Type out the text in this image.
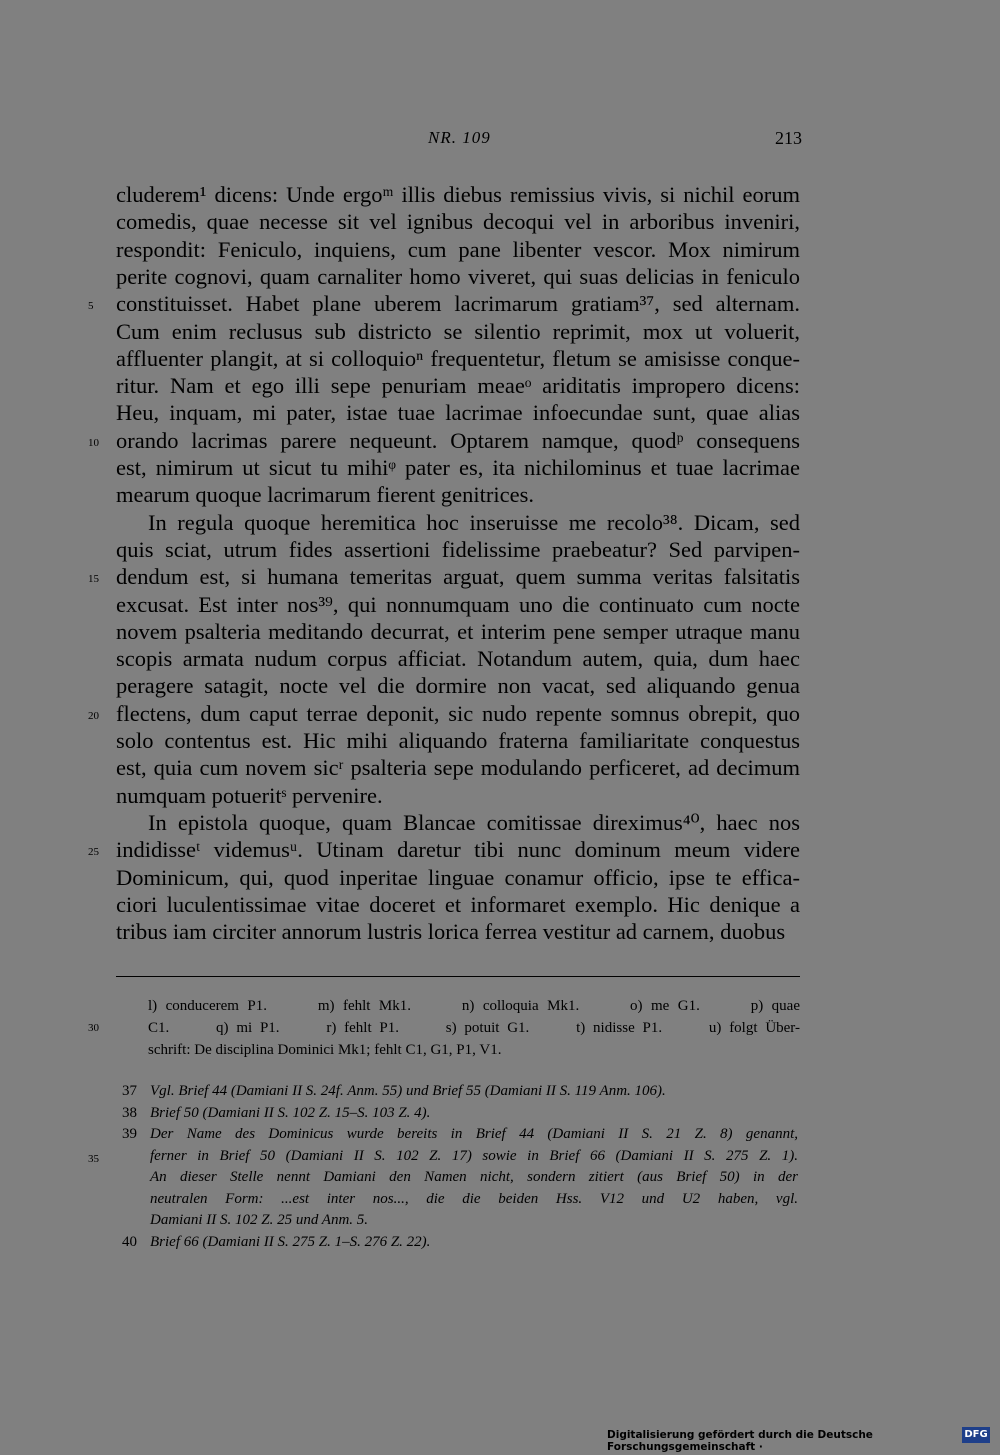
NR. 109	213
cluderem¹ dicens: Unde ergoᵐ illis diebus remissius vivis, si nichil eorum
comedis, quae necesse sit vel ignibus decoqui vel in arboribus inveniri,
respondit: Feniculo, inquiens, cum pane libenter vescor. Mox nimirum
perite cognovi, quam carnaliter homo viveret, qui suas delicias in feniculo
constituisset. Habet plane uberem lacrimarum gratiam³⁷, sed alternam.
Cum enim reclusus sub districto se silentio reprimit, mox ut voluerit,
affluenter plangit, at si colloquioⁿ frequentetur, fletum se amisisse conque-
ritur. Nam et ego illi sepe penuriam meaeᵒ ariditatis impropero dicens:
Heu, inquam, mi pater, istae tuae lacrimae infoecundae sunt, quae alias
orando lacrimas parere nequeunt. Optarem namque, quodᵖ consequens
est, nimirum ut sicut tu mihiᵠ pater es, ita nichilominus et tuae lacrimae
mearum quoque lacrimarum fierent genitrices.
In regula quoque heremitica hoc inseruisse me recolo³⁸. Dicam, sed
quis sciat, utrum fides assertioni fidelissime praebeatur? Sed parvipen-
dendum est, si humana temeritas arguat, quem summa veritas falsitatis
excusat. Est inter nos³⁹, qui nonnumquam uno die continuato cum nocte
novem psalteria meditando decurrat, et interim pene semper utraque manu
scopis armata nudum corpus afficiat. Notandum autem, quia, dum haec
peragere satagit, nocte vel die dormire non vacat, sed aliquando genua
flectens, dum caput terrae deponit, sic nudo repente somnus obrepit, quo
solo contentus est. Hic mihi aliquando fraterna familiaritate conquestus
est, quia cum novem sicʳ psalteria sepe modulando perficeret, ad decimum
numquam potueritˢ pervenire.
In epistola quoque, quam Blancae comitissae direximus⁴⁰, haec nos
indidisseᵗ videmusᵘ. Utinam daretur tibi nunc dominum meum videre
Dominicum, qui, quod inperitae linguae conamur officio, ipse te effica-
ciori luculentissimae vitae doceret et informaret exemplo. Hic denique a
tribus iam circiter annorum lustris lorica ferrea vestitur ad carnem, duobus
5
10
15
20
25
l) conducerem P1.      m) fehlt Mk1.      n) colloquia Mk1.      o) me G1.      p) quae
C1.      q) mi P1.      r) fehlt P1.      s) potuit G1.      t) nidisse P1.      u) folgt Über-
schrift: De disciplina Dominici Mk1; fehlt C1, G1, P1, V1.
37 Vgl. Brief 44 (Damiani II S. 24f. Anm. 55) und Brief 55 (Damiani II S. 119 Anm. 106).
38 Brief 50 (Damiani II S. 102 Z. 15–S. 103 Z. 4).
39 Der Name des Dominicus wurde bereits in Brief 44 (Damiani II S. 21 Z. 8) genannt,
ferner in Brief 50 (Damiani II S. 102 Z. 17) sowie in Brief 66 (Damiani II S. 275 Z. 1).
An dieser Stelle nennt Damiani den Namen nicht, sondern zitiert (aus Brief 50) in der
neutralen Form: ...est inter nos..., die die beiden Hss. V12 und U2 haben, vgl.
Damiani II S. 102 Z. 25 und Anm. 5.
40 Brief 66 (Damiani II S. 275 Z. 1–S. 276 Z. 22).
30
35
Digitalisierung gefördert durch die Deutsche Forschungsgemeinschaft ·
DFG
